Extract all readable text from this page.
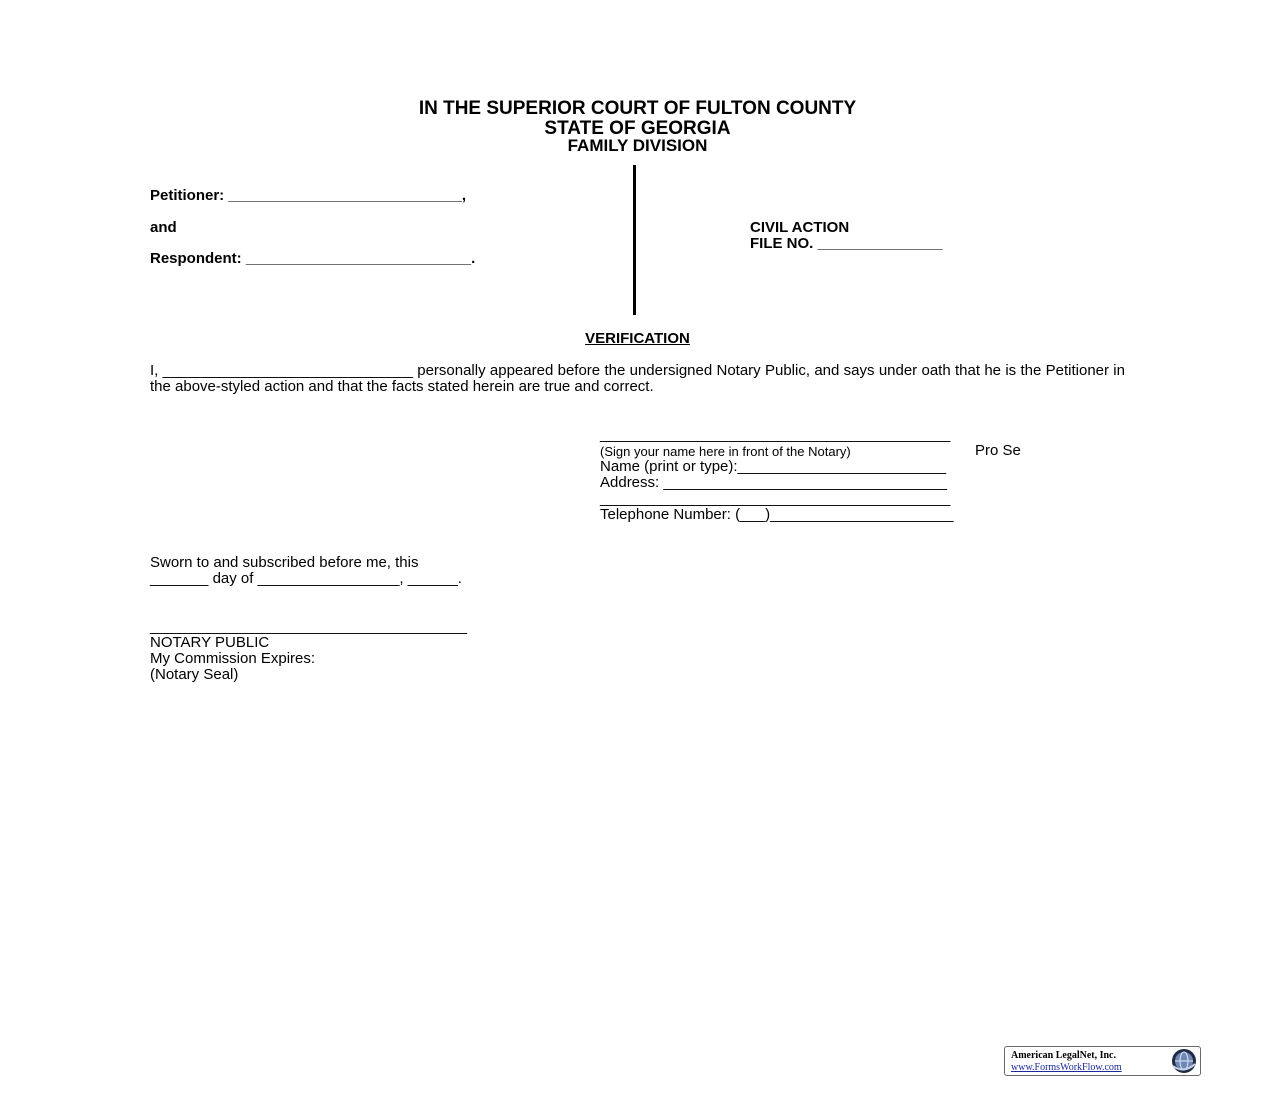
IN THE SUPERIOR COURT OF FULTON COUNTY
STATE OF GEORGIA
FAMILY DIVISION
Petitioner: ____________________________,
and
Respondent: ___________________________.
CIVIL ACTION
FILE NO. _______________
VERIFICATION
I, ______________________________ personally appeared before the undersigned Notary Public, and says under oath that he is the Petitioner in the above-styled action and that the facts stated herein are true and correct.
__________________________________________
(Sign your name here in front of the Notary)	Pro Se
Name (print or type):_________________________
Address: __________________________________
__________________________________________
Telephone Number: (___)______________________
Sworn to and subscribed before me, this
_______ day of _________________, ______.
______________________________________
NOTARY PUBLIC
My Commission Expires:
(Notary Seal)
American LegalNet, Inc.
www.FormsWorkFlow.com
